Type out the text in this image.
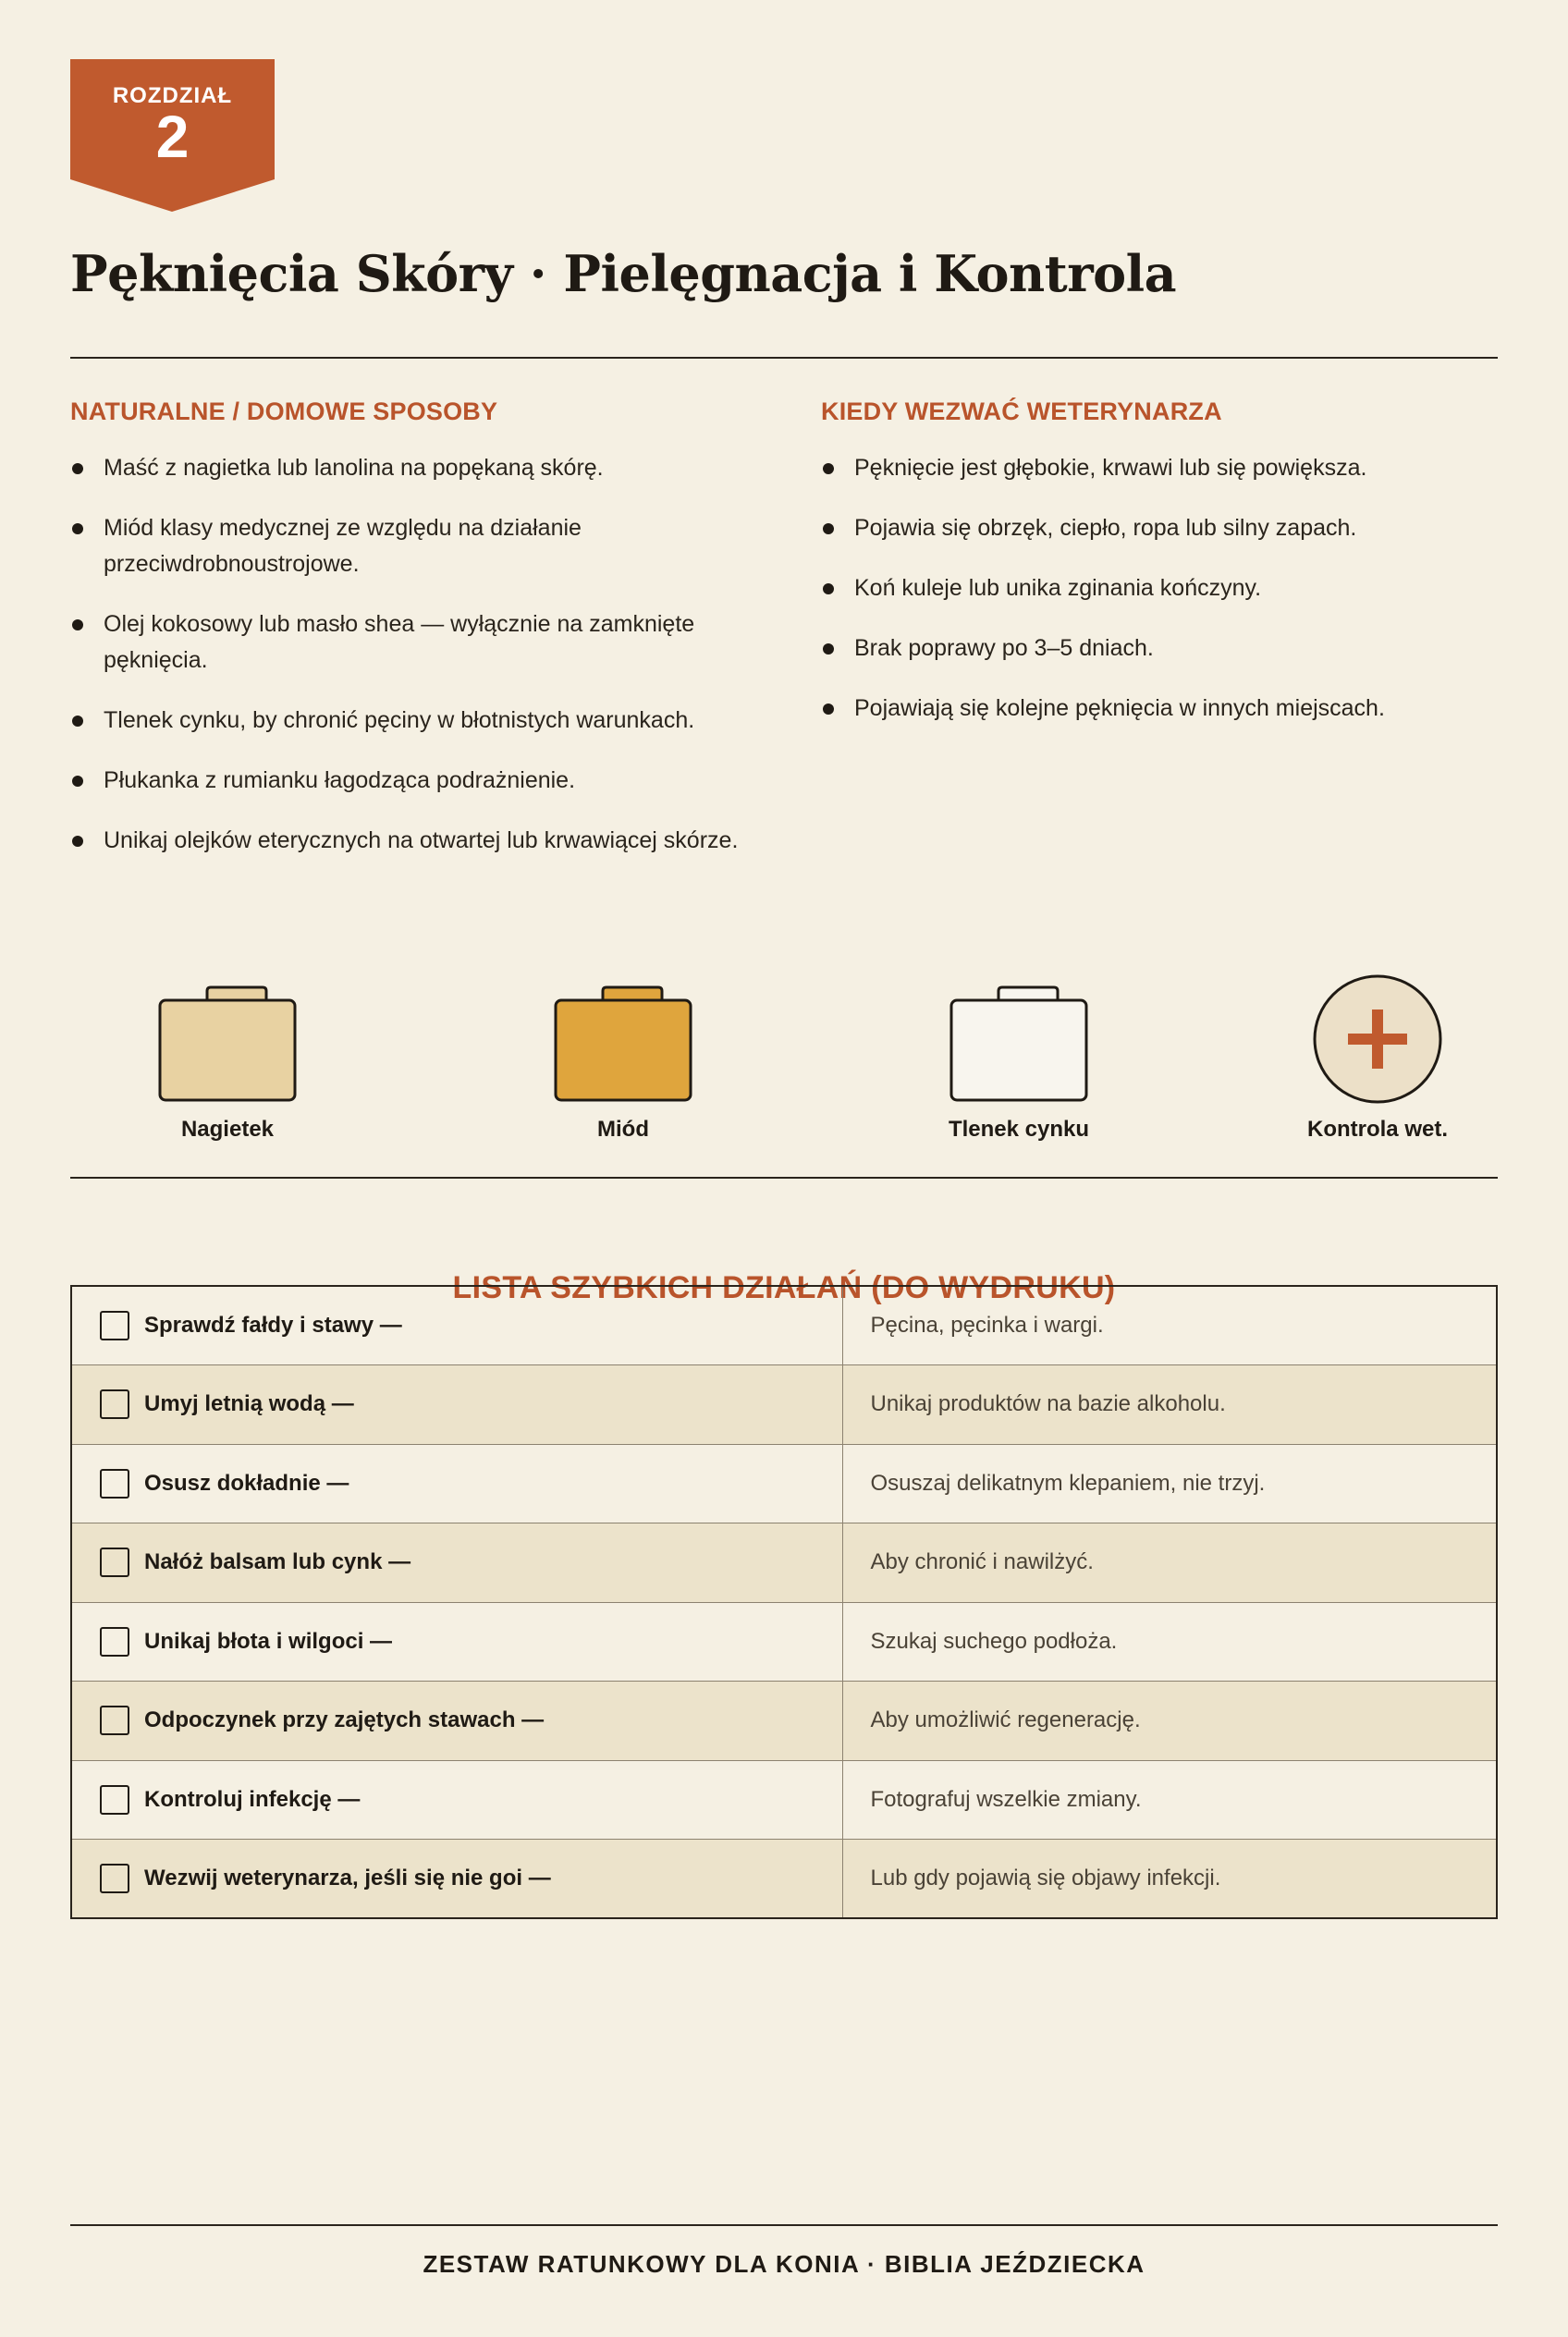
ROZDZIAŁ
2
Pęknięcia Skóry · Pielęgnacja i Kontrola
NATURALNE / DOMOWE SPOSOBY
Maść z nagietka lub lanolina na popękaną skórę.
Miód klasy medycznej ze względu na działanie przeciwdrobnoustrojowe.
Olej kokosowy lub masło shea — wyłącznie na zamknięte pęknięcia.
Tlenek cynku, by chronić pęciny w błotnistych warunkach.
Płukanka z rumianku łagodząca podrażnienie.
Unikaj olejków eterycznych na otwartej lub krwawiącej skórze.
KIEDY WEZWAĆ WETERYNARZA
Pęknięcie jest głębokie, krwawi lub się powiększa.
Pojawia się obrzęk, ciepło, ropa lub silny zapach.
Koń kuleje lub unika zginania kończyny.
Brak poprawy po 3–5 dniach.
Pojawiają się kolejne pęknięcia w innych miejscach.
Nagietek	Miód	Tlenek cynku	Kontrola wet.
LISTA SZYBKICH DZIAŁAŃ (DO WYDRUKU)
Sprawdź fałdy i stawy —	Pęcina, pęcinka i wargi.
Umyj letnią wodą —	Unikaj produktów na bazie alkoholu.
Osusz dokładnie —	Osuszaj delikatnym klepaniem, nie trzyj.
Nałóż balsam lub cynk —	Aby chronić i nawilżyć.
Unikaj błota i wilgoci —	Szukaj suchego podłoża.
Odpoczynek przy zajętych stawach —	Aby umożliwić regenerację.
Kontroluj infekcję —	Fotografuj wszelkie zmiany.
Wezwij weterynarza, jeśli się nie goi —	Lub gdy pojawią się objawy infekcji.
ZESTAW RATUNKOWY DLA KONIA · BIBLIA JEŹDZIECKA
